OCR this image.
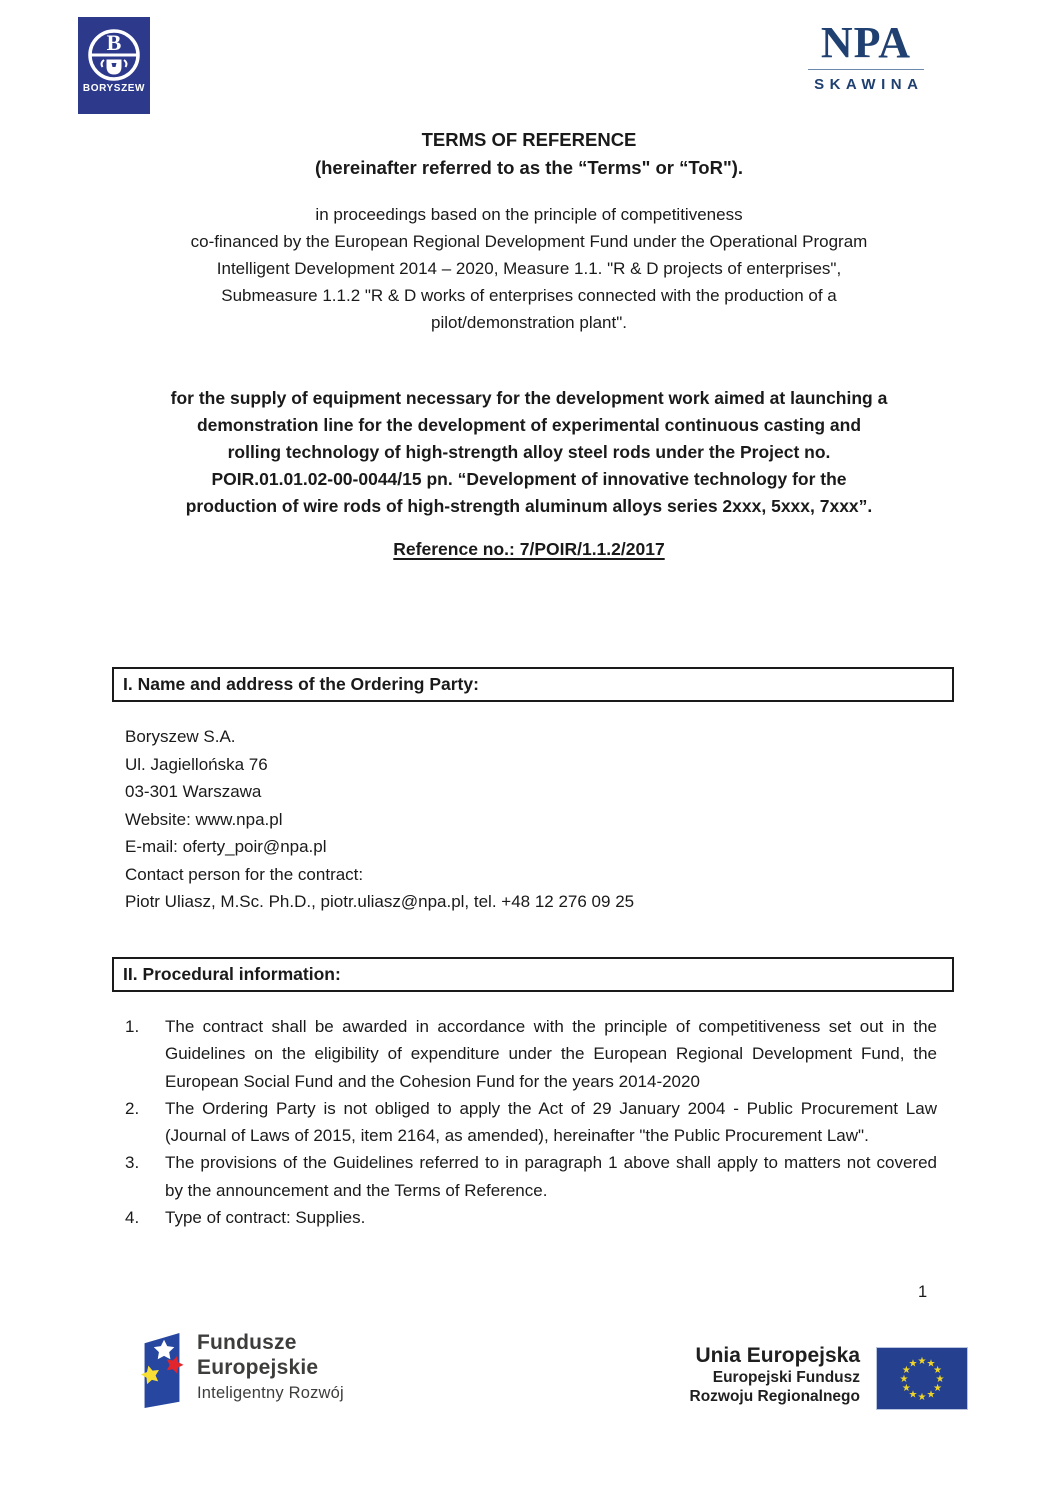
B
BORYSZEW
NPA
SKAWINA
TERMS OF REFERENCE
(hereinafter referred to as the “Terms" or “ToR").
in proceedings based on the principle of competitiveness
co-financed by the European Regional Development Fund under the Operational Program
Intelligent Development 2014 – 2020, Measure 1.1. "R & D projects of enterprises",
Submeasure 1.1.2 "R & D works of enterprises connected with the production of a
pilot/demonstration plant".
for the supply of equipment necessary for the development work aimed at launching a
demonstration line for the development of experimental continuous casting and
rolling technology of high-strength alloy steel rods under the Project no.
POIR.01.01.02-00-0044/15 pn. “Development of innovative technology for the
production of wire rods of high-strength aluminum alloys series 2xxx, 5xxx, 7xxx”.
Reference no.: 7/POIR/1.1.2/2017
I. Name and address of the Ordering Party:
Boryszew S.A.
Ul. Jagiellońska 76
03-301 Warszawa
Website: www.npa.pl
E-mail: oferty_poir@npa.pl
Contact person for the contract:
Piotr Uliasz, M.Sc. Ph.D., piotr.uliasz@npa.pl, tel. +48 12 276 09 25
II. Procedural information:
1.	The contract shall be awarded in accordance with the principle of competitiveness set out in the Guidelines on the eligibility of expenditure under the European Regional Development Fund, the European Social Fund and the Cohesion Fund for the years 2014-2020
2.	The Ordering Party is not obliged to apply the Act of 29 January 2004 - Public Procurement Law (Journal of Laws of 2015, item 2164, as amended), hereinafter "the Public Procurement Law".
3.	The provisions of the Guidelines referred to in paragraph 1 above shall apply to matters not covered by the announcement and the Terms of Reference.
4.	Type of contract: Supplies.
1
Fundusze
Europejskie
Inteligentny Rozwój
Unia Europejska
Europejski Fundusz
Rozwoju Regionalnego
★ ★
★
★
★
★
★
★
★
★
★
★
